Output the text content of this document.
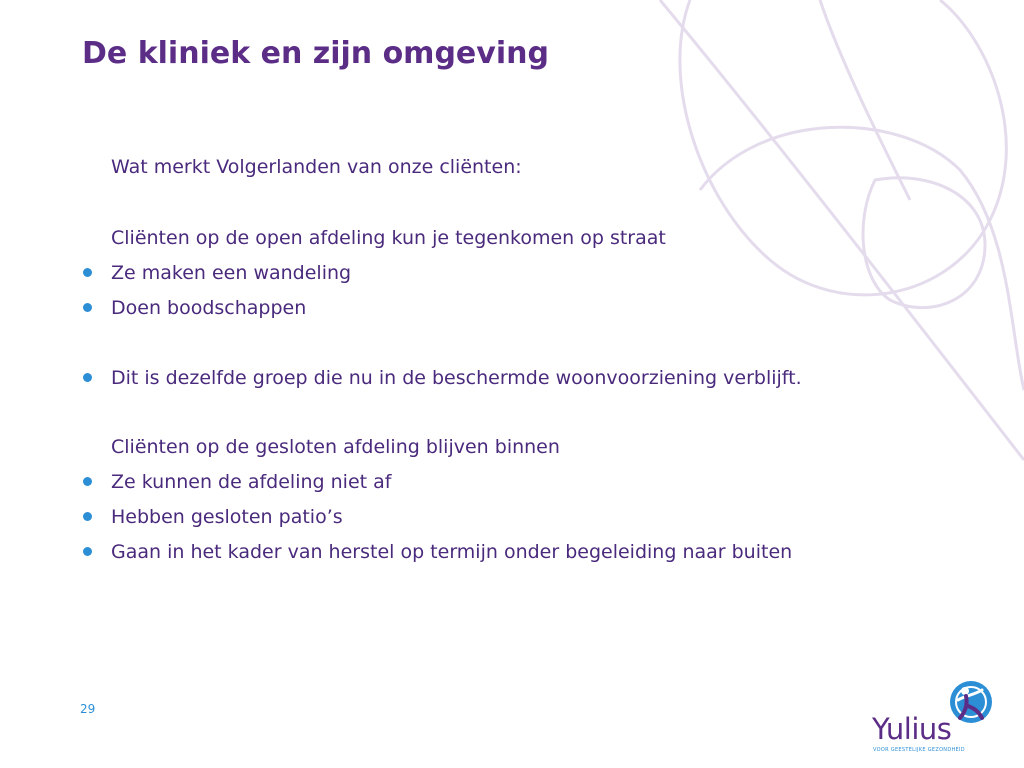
De kliniek en zijn omgeving
Wat merkt Volgerlanden van onze cliënten:
Cliënten op de open afdeling kun je tegenkomen op straat
Ze maken een wandeling
Doen boodschappen
Dit is dezelfde groep die nu in de beschermde woonvoorziening verblijft.
Cliënten op de gesloten afdeling blijven binnen
Ze kunnen de afdeling niet af
Hebben gesloten patio’s
Gaan in het kader van herstel op termijn onder begeleiding naar buiten
29
Yulius
VOOR GEESTELIJKE GEZONDHEID
